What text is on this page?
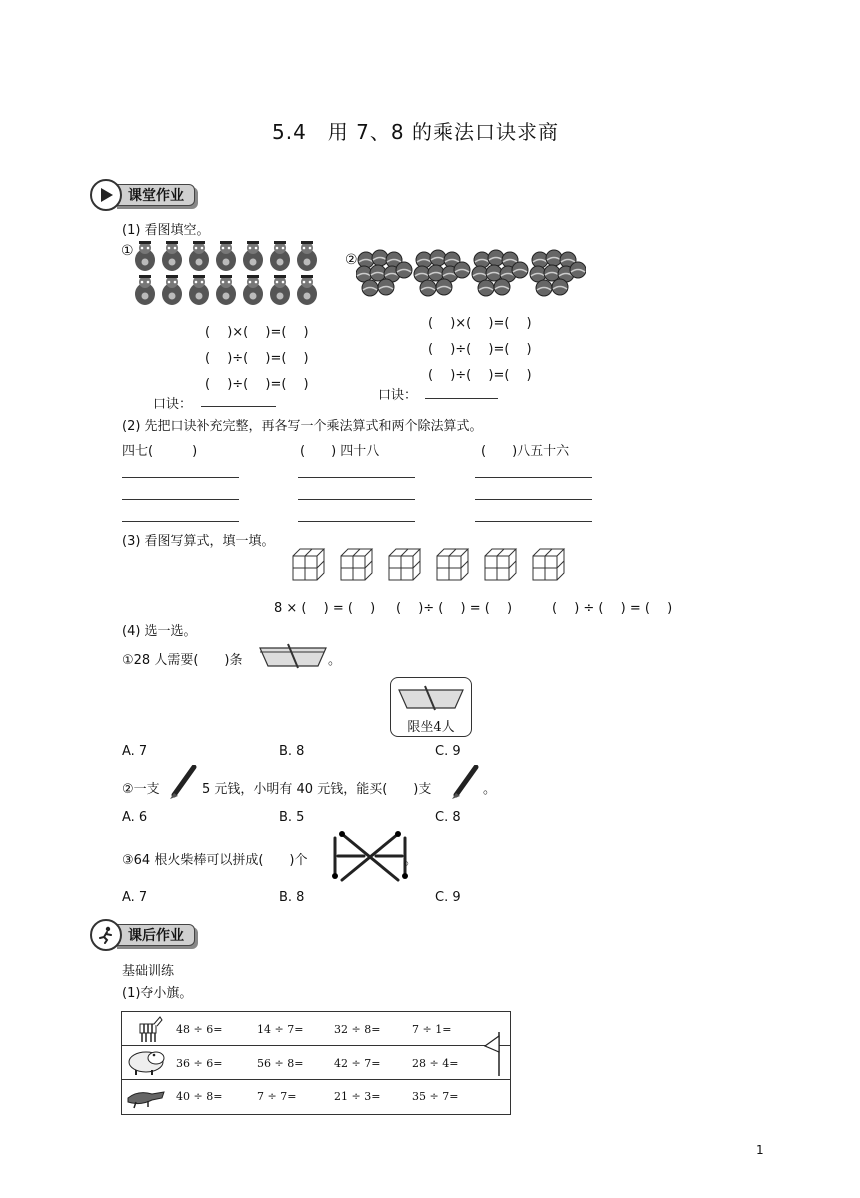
5.4　用 7、8 的乘法口诀求商
课堂作业
(1) 看图填空。
①
②
(　 )×(　 )=(　 )
(　 )÷(　 )=(　 )
(　 )÷(　 )=(　 )
口诀：
(　 )×(　 )=(　 )
(　 )÷(　 )=(　 )
(　 )÷(　 )=(　 )
口诀：
(2) 先把口诀补充完整，再各写一个乘法算式和两个除法算式。
四七(　　　)	(　　) 四十八	(　　)八五十六
(3) 看图写算式，填一填。
8 × (　 ) = (　 ) (　 )÷ (　 ) = (　 )	(　 ) ÷ (　 ) = (　 )
(4) 选一选。
①28 人需要(　　)条	。
限坐4人
A. 7	B. 8	C. 9
②一支	5 元钱，小明有 40 元钱，能买(　　)支	。
A. 6	B. 5	C. 8
③64 根火柴棒可以拼成(　　)个	。
A. 7	B. 8	C. 9
课后作业
基础训练
(1)夺小旗。
48 ÷ 6=	14 ÷ 7=	32 ÷ 8=	7 ÷ 1=
36 ÷ 6=	56 ÷ 8=	42 ÷ 7=	28 ÷ 4=
40 ÷ 8=	7 ÷ 7=	21 ÷ 3=	35 ÷ 7=
1
